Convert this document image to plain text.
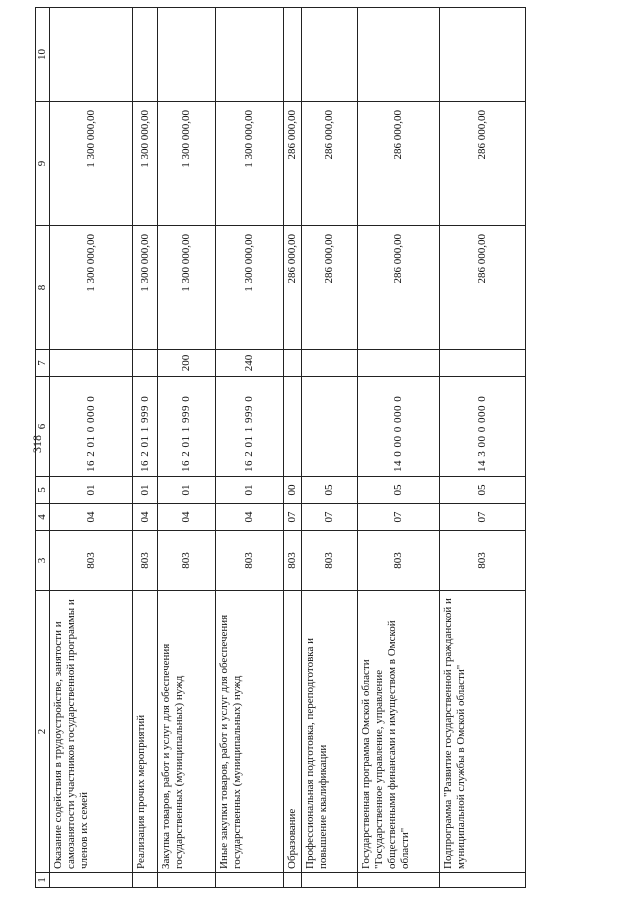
318
1	2	3	4	5	6	7	8	9	10
	Оказание содействия в трудоустройстве, занятости и самозанятости участников государственной программы и членов их семей	803	04	01	16 2 01 0 000 0		1 300 000,00	1 300 000,00	
	Реализация прочих мероприятий	803	04	01	16 2 01 1 999 0		1 300 000,00	1 300 000,00	
	Закупка товаров, работ и услуг для обеспечения государственных (муниципальных) нужд	803	04	01	16 2 01 1 999 0	200	1 300 000,00	1 300 000,00	
	Иные закупки товаров, работ и услуг для обеспечения государственных (муниципальных) нужд	803	04	01	16 2 01 1 999 0	240	1 300 000,00	1 300 000,00	
	Образование	803	07	00			286 000,00	286 000,00	
	Профессиональная подготовка, переподготовка и повышение квалификации	803	07	05			286 000,00	286 000,00	
	Государственная программа Омской области "Государственное управление, управление общественными финансами и имуществом в Омской области"	803	07	05	14 0 00 0 000 0		286 000,00	286 000,00	
	Подпрограмма "Развитие государственной гражданской и муниципальной службы в Омской области"	803	07	05	14 3 00 0 000 0		286 000,00	286 000,00	
